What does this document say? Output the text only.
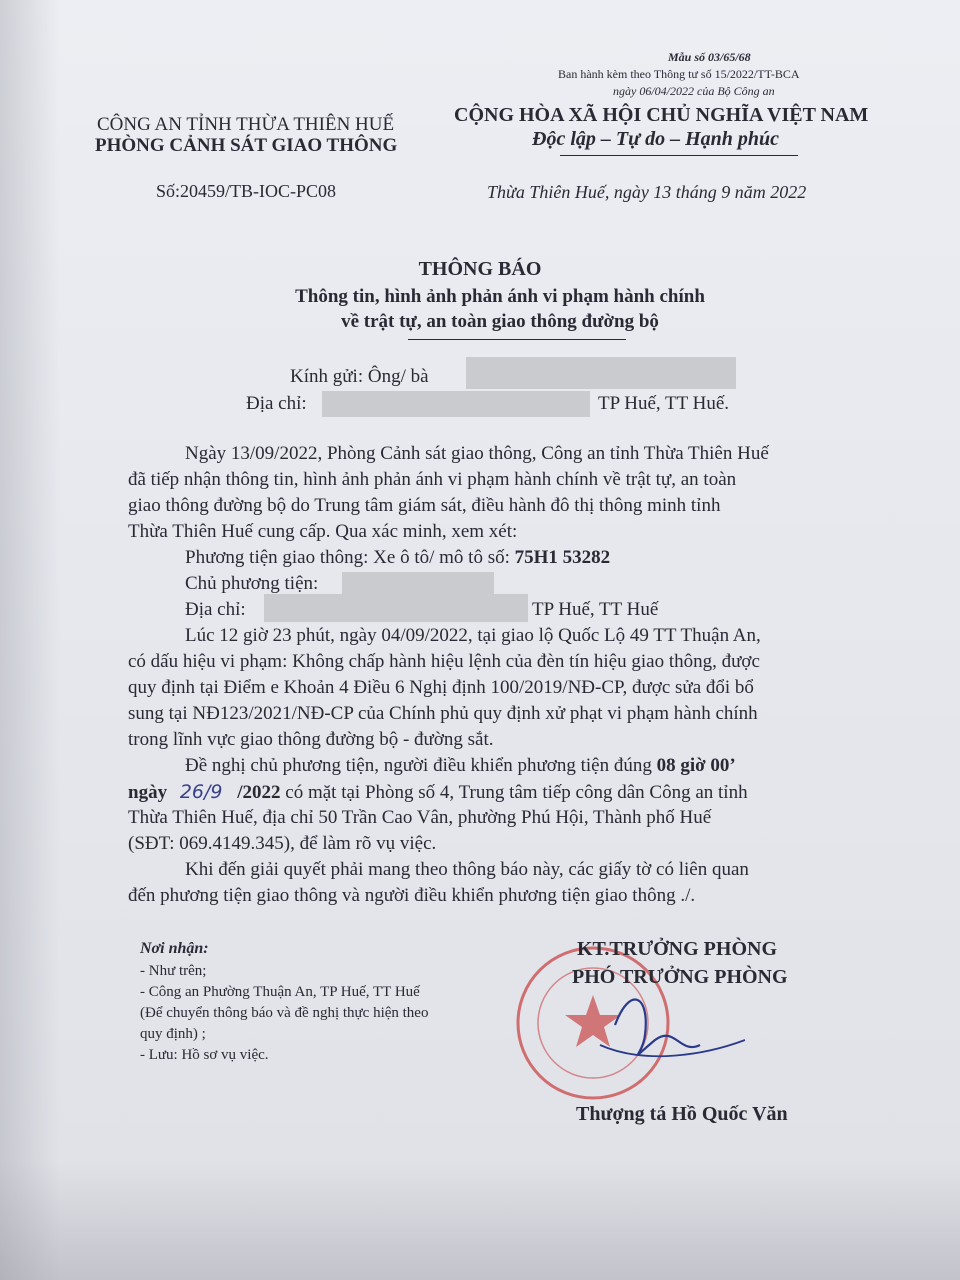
Mẫu số 03/65/68
Ban hành kèm theo Thông tư số 15/2022/TT-BCA
ngày 06/04/2022 của Bộ Công an
CÔNG AN TỈNH THỪA THIÊN HUẾ
PHÒNG CẢNH SÁT GIAO THÔNG
CỘNG HÒA XÃ HỘI CHỦ NGHĨA VIỆT NAM
Độc lập – Tự do – Hạnh phúc
Số:20459/TB-IOC-PC08	Thừa Thiên Huế, ngày 13 tháng 9 năm 2022
THÔNG BÁO
Thông tin, hình ảnh phản ánh vi phạm hành chính
về trật tự, an toàn giao thông đường bộ
Kính gửi: Ông/ bà
Địa chỉ:	TP Huế, TT Huế.
Ngày 13/09/2022, Phòng Cảnh sát giao thông, Công an tỉnh Thừa Thiên Huế
đã tiếp nhận thông tin, hình ảnh phản ánh vi phạm hành chính về trật tự, an toàn
giao thông đường bộ do Trung tâm giám sát, điều hành đô thị thông minh tỉnh
Thừa Thiên Huế cung cấp. Qua xác minh, xem xét:
Phương tiện giao thông: Xe ô tô/ mô tô số: 75H1 53282
Chủ phương tiện:
Địa chỉ:	TP Huế, TT Huế
Lúc 12 giờ 23 phút, ngày 04/09/2022, tại giao lộ Quốc Lộ 49 TT Thuận An,
có dấu hiệu vi phạm: Không chấp hành hiệu lệnh của đèn tín hiệu giao thông, được
quy định tại Điểm e Khoản 4 Điều 6 Nghị định 100/2019/NĐ-CP, được sửa đổi bổ
sung tại NĐ123/2021/NĐ-CP của Chính phủ quy định xử phạt vi phạm hành chính
trong lĩnh vực giao thông đường bộ - đường sắt.
Đề nghị chủ phương tiện, người điều khiển phương tiện đúng 08 giờ 00’
ngày 26/9 /2022 có mặt tại Phòng số 4, Trung tâm tiếp công dân Công an tỉnh
Thừa Thiên Huế, địa chỉ 50 Trần Cao Vân, phường Phú Hội, Thành phố Huế
(SĐT: 069.4149.345), để làm rõ vụ việc.
Khi đến giải quyết phải mang theo thông báo này, các giấy tờ có liên quan
đến phương tiện giao thông và người điều khiển phương tiện giao thông ./.
Nơi nhận:
- Như trên;
- Công an Phường Thuận An, TP Huế, TT Huế
(Để chuyển thông báo và đề nghị thực hiện theo
quy định) ;
- Lưu: Hồ sơ vụ việc.
KT.TRƯỞNG PHÒNG
PHÓ TRƯỞNG PHÒNG
Thượng tá Hồ Quốc Văn
